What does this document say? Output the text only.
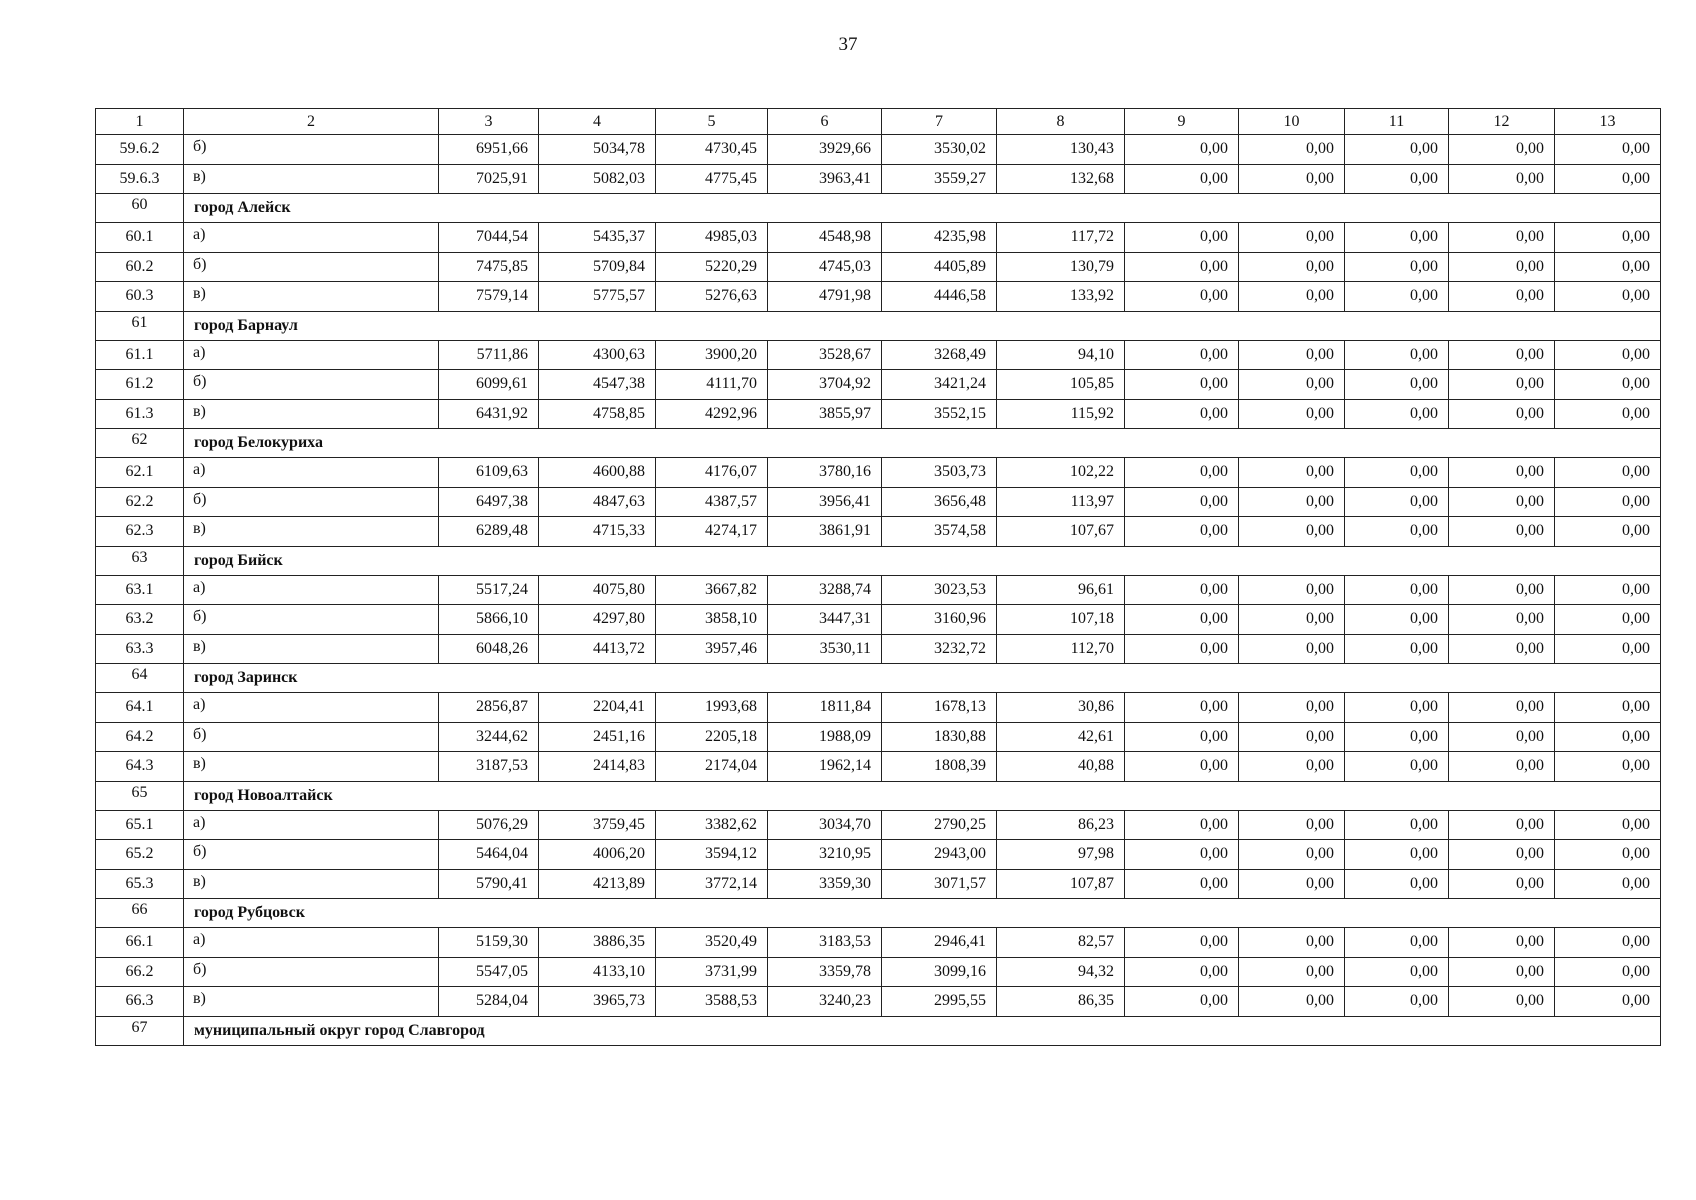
37
1	2	3	4	5	6	7	8	9	10	11	12	13
59.6.2	б)	6951,66	5034,78	4730,45	3929,66	3530,02	130,43	0,00	0,00	0,00	0,00	0,00
59.6.3	в)	7025,91	5082,03	4775,45	3963,41	3559,27	132,68	0,00	0,00	0,00	0,00	0,00
60	город Алейск											
60.1	а)	7044,54	5435,37	4985,03	4548,98	4235,98	117,72	0,00	0,00	0,00	0,00	0,00
60.2	б)	7475,85	5709,84	5220,29	4745,03	4405,89	130,79	0,00	0,00	0,00	0,00	0,00
60.3	в)	7579,14	5775,57	5276,63	4791,98	4446,58	133,92	0,00	0,00	0,00	0,00	0,00
61	город Барнаул											
61.1	а)	5711,86	4300,63	3900,20	3528,67	3268,49	94,10	0,00	0,00	0,00	0,00	0,00
61.2	б)	6099,61	4547,38	4111,70	3704,92	3421,24	105,85	0,00	0,00	0,00	0,00	0,00
61.3	в)	6431,92	4758,85	4292,96	3855,97	3552,15	115,92	0,00	0,00	0,00	0,00	0,00
62	город Белокуриха											
62.1	а)	6109,63	4600,88	4176,07	3780,16	3503,73	102,22	0,00	0,00	0,00	0,00	0,00
62.2	б)	6497,38	4847,63	4387,57	3956,41	3656,48	113,97	0,00	0,00	0,00	0,00	0,00
62.3	в)	6289,48	4715,33	4274,17	3861,91	3574,58	107,67	0,00	0,00	0,00	0,00	0,00
63	город Бийск											
63.1	а)	5517,24	4075,80	3667,82	3288,74	3023,53	96,61	0,00	0,00	0,00	0,00	0,00
63.2	б)	5866,10	4297,80	3858,10	3447,31	3160,96	107,18	0,00	0,00	0,00	0,00	0,00
63.3	в)	6048,26	4413,72	3957,46	3530,11	3232,72	112,70	0,00	0,00	0,00	0,00	0,00
64	город Заринск											
64.1	а)	2856,87	2204,41	1993,68	1811,84	1678,13	30,86	0,00	0,00	0,00	0,00	0,00
64.2	б)	3244,62	2451,16	2205,18	1988,09	1830,88	42,61	0,00	0,00	0,00	0,00	0,00
64.3	в)	3187,53	2414,83	2174,04	1962,14	1808,39	40,88	0,00	0,00	0,00	0,00	0,00
65	город Новоалтайск											
65.1	а)	5076,29	3759,45	3382,62	3034,70	2790,25	86,23	0,00	0,00	0,00	0,00	0,00
65.2	б)	5464,04	4006,20	3594,12	3210,95	2943,00	97,98	0,00	0,00	0,00	0,00	0,00
65.3	в)	5790,41	4213,89	3772,14	3359,30	3071,57	107,87	0,00	0,00	0,00	0,00	0,00
66	город Рубцовск											
66.1	а)	5159,30	3886,35	3520,49	3183,53	2946,41	82,57	0,00	0,00	0,00	0,00	0,00
66.2	б)	5547,05	4133,10	3731,99	3359,78	3099,16	94,32	0,00	0,00	0,00	0,00	0,00
66.3	в)	5284,04	3965,73	3588,53	3240,23	2995,55	86,35	0,00	0,00	0,00	0,00	0,00
67	муниципальный округ город Славгород											
